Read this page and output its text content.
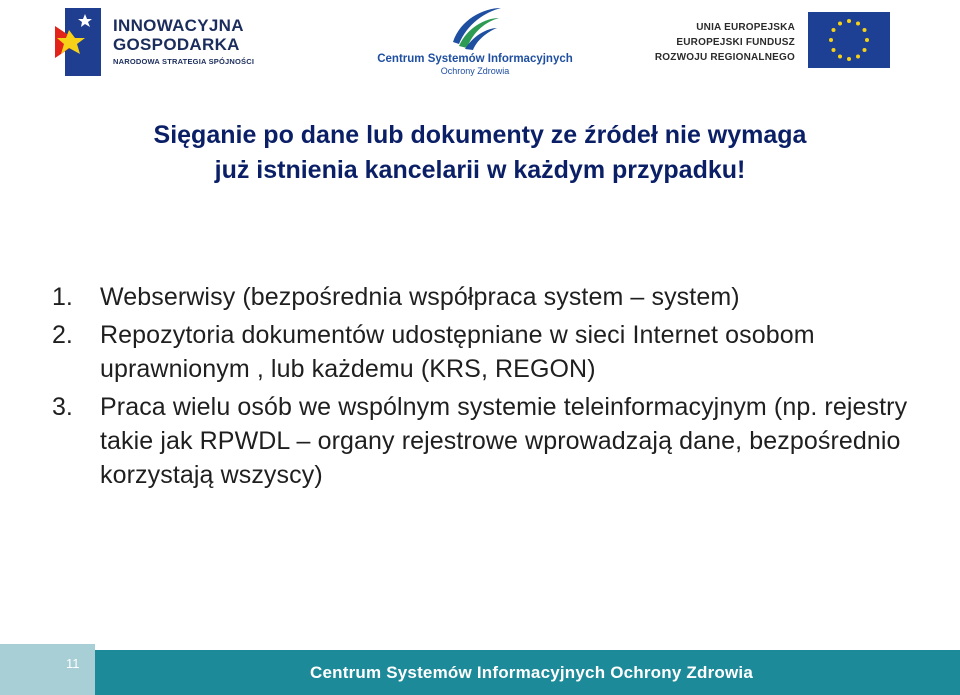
INNOWACYJNA
GOSPODARKA
NARODOWA STRATEGIA SPÓJNOŚCI	Centrum Systemów Informacyjnych
Ochrony Zdrowia
UNIA EUROPEJSKA
EUROPEJSKI FUNDUSZ
ROZWOJU REGIONALNEGO
Sięganie po dane lub dokumenty ze źródeł nie wymaga
już istnienia kancelarii w każdym przypadku!
1.	Webserwisy (bezpośrednia współpraca system – system)
2.	Repozytoria dokumentów udostępniane w sieci Internet osobom uprawnionym , lub każdemu (KRS, REGON)
3.	Praca wielu osób we wspólnym systemie teleinformacyjnym (np. rejestry takie jak RPWDL – organy rejestrowe wprowadzają dane, bezpośrednio korzystają wszyscy)
11	Centrum Systemów Informacyjnych Ochrony Zdrowia
